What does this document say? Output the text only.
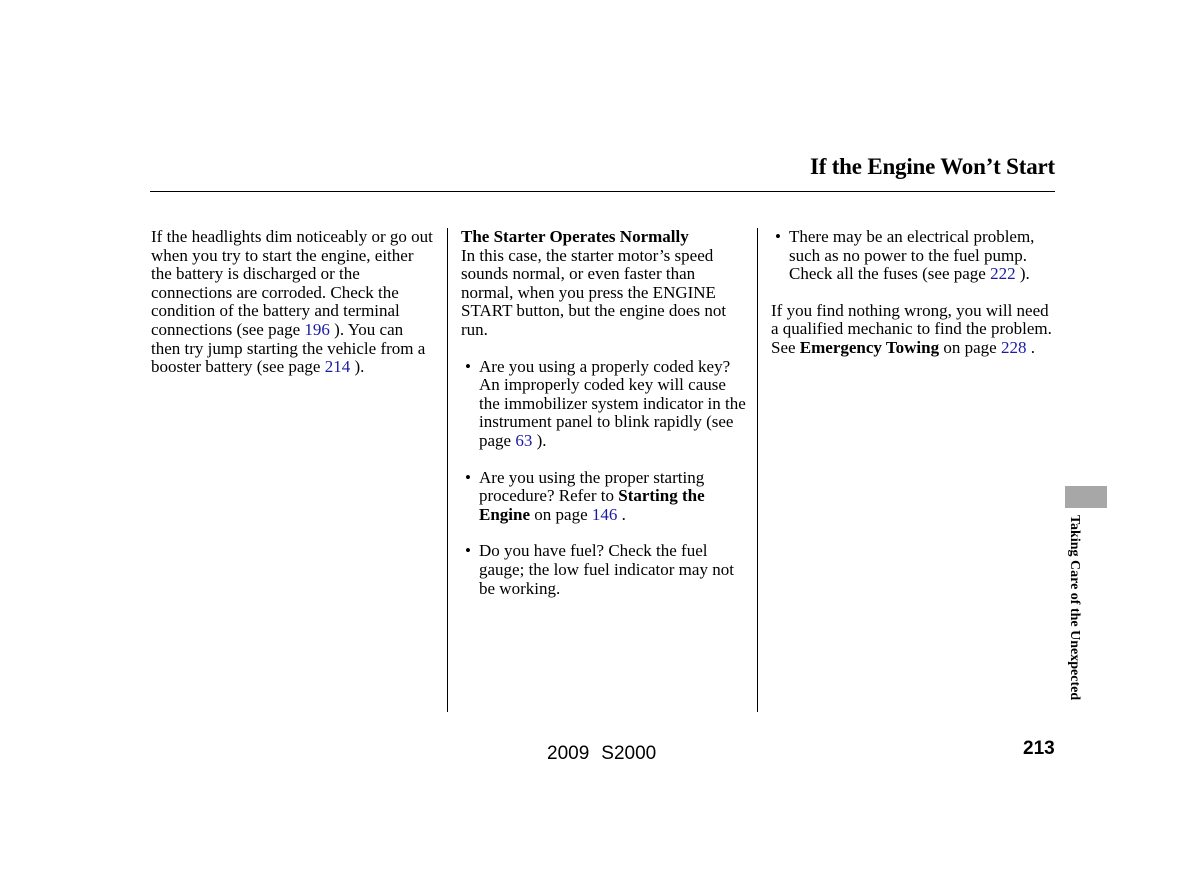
If the Engine Won’t Start

If the headlights dim noticeably or go out when you try to start the engine, either the battery is discharged or the connections are corroded. Check the condition of the battery and terminal connections (see page 196 ). You can then try jump starting the vehicle from a booster battery (see page 214 ).

The Starter Operates Normally

In this case, the starter motor’s speed sounds normal, or even faster than normal, when you press the ENGINE START button, but the engine does not run.

• Are you using a properly coded key? An improperly coded key will cause the immobilizer system indicator in the instrument panel to blink rapidly (see page 63 ).

• Are you using the proper starting procedure? Refer to Starting the Engine on page 146 .

• Do you have fuel? Check the fuel gauge; the low fuel indicator may not be working.

• There may be an electrical problem, such as no power to the fuel pump. Check all the fuses (see page 222 ).

If you find nothing wrong, you will need a qualified mechanic to find the problem. See Emergency Towing on page 228 .

Taking Care of the Unexpected
2009 S2000	213
